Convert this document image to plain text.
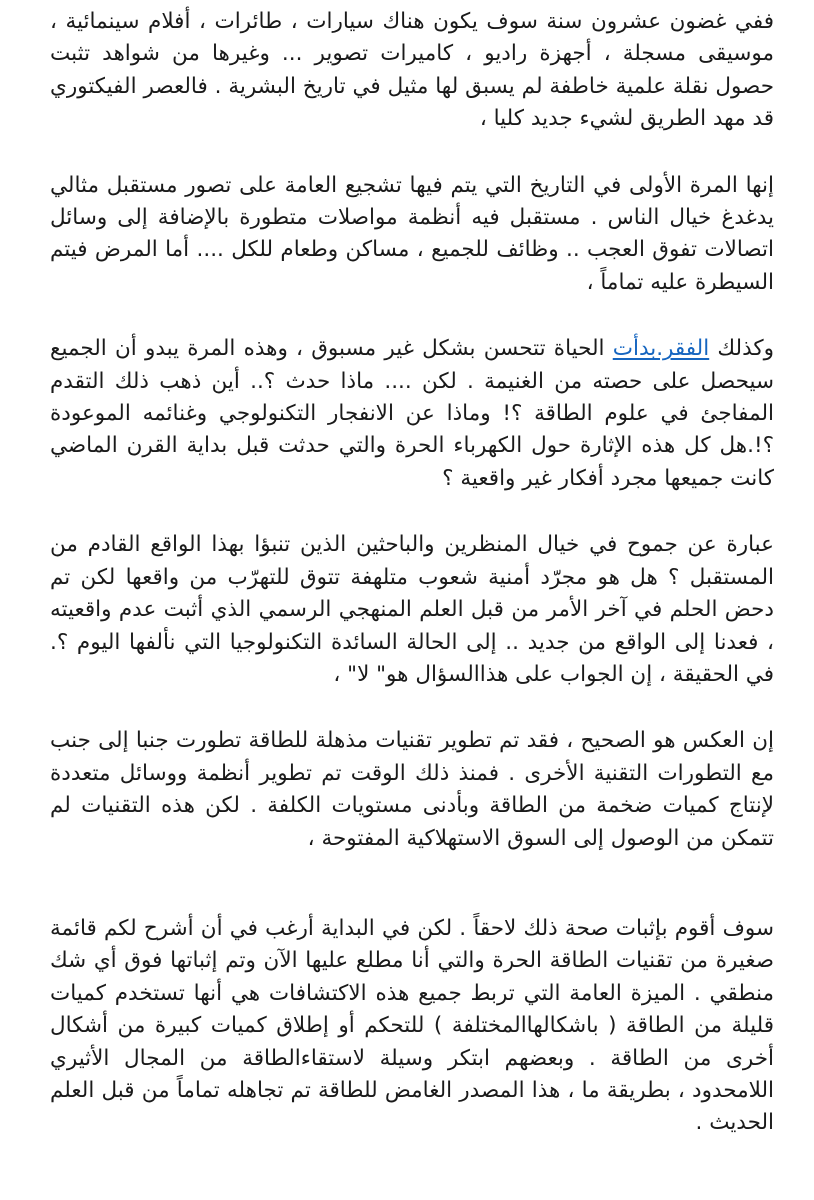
ففي غضون عشرون سنة سوف يكون هناك سيارات ، طائرات ، أفلام سينمائية ، موسيقى مسجلة ، أجهزة راديو ، كاميرات تصوير ... وغيرها من شواهد تثبت حصول نقلة علمية خاطفة لم يسبق لها مثيل في تاريخ البشرية . فالعصر الفيكتوري قد مهد الطريق لشيء جديد كليا ،

إنها المرة الأولى في التاريخ التي يتم فيها تشجيع العامة على تصور مستقبل مثالي يدغدغ خيال الناس . مستقبل فيه أنظمة مواصلات متطورة بالإضافة إلى وسائل اتصالات تفوق العجب .. وظائف للجميع ، مساكن وطعام للكل .... أما المرض فيتم السيطرة عليه تماماً ،

وكذلك الفقر.بدأت الحياة تتحسن بشكل غير مسبوق ، وهذه المرة يبدو أن الجميع سيحصل على حصته من الغنيمة . لكن .... ماذا حدث ؟.. أين ذهب ذلك التقدم المفاجئ في علوم الطاقة ؟! وماذا عن الانفجار التكنولوجي وغنائمه الموعودة ؟!.هل كل هذه الإثارة حول الكهرباء الحرة والتي حدثت قبل بداية القرن الماضي كانت جميعها مجرد أفكار غير واقعية ؟

عبارة عن جموح في خيال المنظرين والباحثين الذين تنبؤا بهذا الواقع القادم من المستقبل ؟ هل هو مجرّد أمنية شعوب متلهفة تتوق للتهرّب من واقعها لكن تم دحض الحلم في آخر الأمر من قبل العلم المنهجي الرسمي الذي أثبت عدم واقعيته ، فعدنا إلى الواقع من جديد .. إلى الحالة السائدة التكنولوجيا التي نألفها اليوم ؟. في الحقيقة ، إن الجواب على هذاالسؤال هو" لا" ،

إن العكس هو الصحيح ، فقد تم تطوير تقنيات مذهلة للطاقة تطورت جنبا إلى جنب مع التطورات التقنية الأخرى . فمنذ ذلك الوقت تم تطوير أنظمة ووسائل متعددة لإنتاج كميات ضخمة من الطاقة وبأدنى مستويات الكلفة . لكن هذه التقنيات لم تتمكن من الوصول إلى السوق الاستهلاكية المفتوحة ،

سوف أقوم بإثبات صحة ذلك لاحقاً . لكن في البداية أرغب في أن أشرح لكم قائمة صغيرة من تقنيات الطاقة الحرة والتي أنا مطلع عليها الآن وتم إثباتها فوق أي شك منطقي . الميزة العامة التي تربط جميع هذه الاكتشافات هي أنها تستخدم كميات قليلة من الطاقة ( باشكالهاالمختلفة ) للتحكم أو إطلاق كميات كبيرة من أشكال أخرى من الطاقة . وبعضهم ابتكر وسيلة لاستقاءالطاقة من المجال الأثيري اللامحدود ، بطريقة ما ، هذا المصدر الغامض للطاقة تم تجاهله تماماً من قبل العلم الحديث .
